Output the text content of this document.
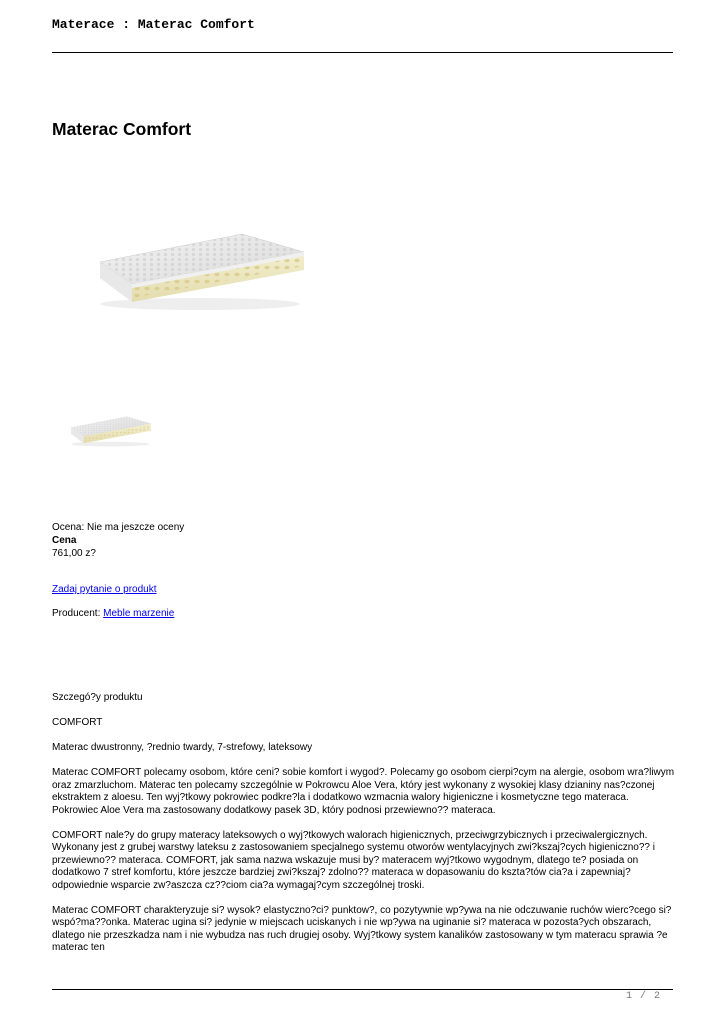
Materace : Materac Comfort
Materac Comfort
Ocena: Nie ma jeszcze oceny
Cena
761,00 z?
Zadaj pytanie o produkt
Producent: Meble marzenie

Szczegó?y produktu

COMFORT

Materac dwustronny, ?rednio twardy, 7-strefowy, lateksowy

Materac COMFORT polecamy osobom, które ceni? sobie komfort i wygod?. Polecamy go osobom cierpi?cym na alergie, osobom wra?liwym oraz zmarzluchom. Materac ten polecamy szczególnie w Pokrowcu Aloe Vera, który jest wykonany z wysokiej klasy dzianiny nas?czonej ekstraktem z aloesu. Ten wyj?tkowy pokrowiec podkre?la i dodatkowo wzmacnia walory higieniczne i kosmetyczne tego materaca. Pokrowiec Aloe Vera ma zastosowany dodatkowy pasek 3D, który podnosi przewiewno?? materaca.

COMFORT nale?y do grupy materacy lateksowych o wyj?tkowych walorach higienicznych, przeciwgrzybicznych i przeciwalergicznych. Wykonany jest z grubej warstwy lateksu z zastosowaniem specjalnego systemu otworów wentylacyjnych zwi?kszaj?cych higieniczno?? i przewiewno?? materaca. COMFORT, jak sama nazwa wskazuje musi by? materacem wyj?tkowo wygodnym, dlatego te? posiada on dodatkowo 7 stref komfortu, które jeszcze bardziej zwi?kszaj? zdolno?? materaca w dopasowaniu do kszta?tów cia?a i zapewniaj? odpowiednie wsparcie zw?aszcza cz??ciom cia?a wymagaj?cym szczególnej troski.

Materac COMFORT charakteryzuje si? wysok? elastyczno?ci? punktow?, co pozytywnie wp?ywa na nie odczuwanie ruchów wierc?cego si? wspó?ma??onka. Materac ugina si? jedynie w miejscach uciskanych i nie wp?ywa na uginanie si? materaca w pozosta?ych obszarach, dlatego nie przeszkadza nam i nie wybudza nas ruch drugiej osoby. Wyj?tkowy system kanalików zastosowany w tym materacu sprawia ?e materac ten

1 / 2
